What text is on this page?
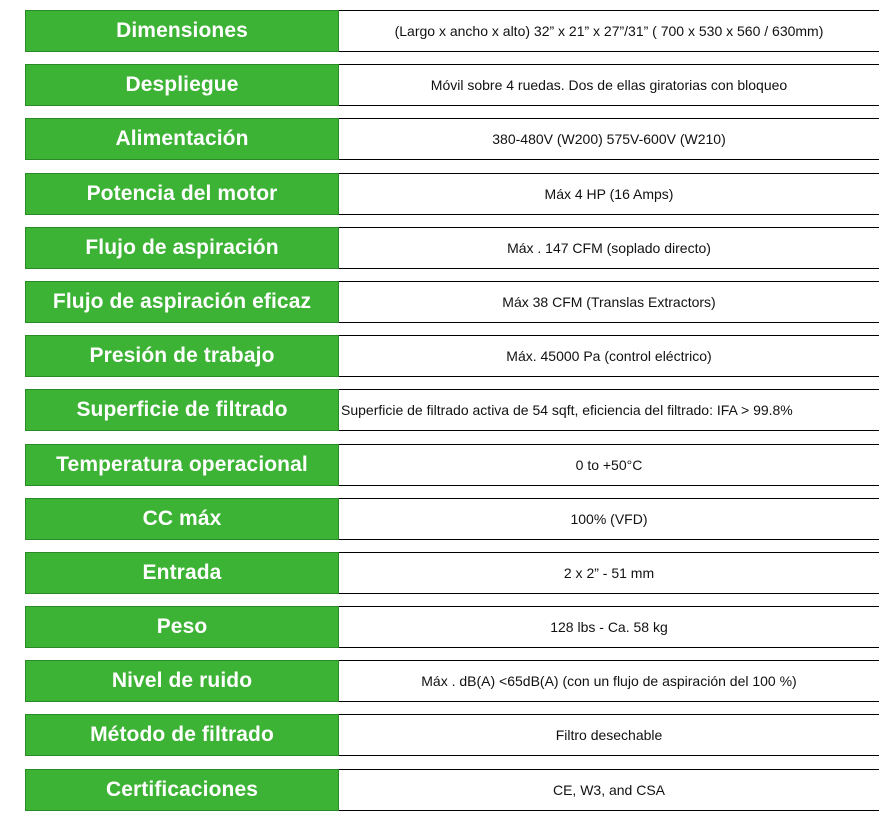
Dimensiones	(Largo x ancho x alto) 32” x 21” x 27”/31” ( 700 x 530 x 560 / 630mm)
Despliegue	Móvil sobre 4 ruedas. Dos de ellas giratorias con bloqueo
Alimentación	380-480V (W200) 575V-600V (W210)
Potencia del motor	Máx 4 HP (16 Amps)
Flujo de aspiración	Máx . 147 CFM (soplado directo)
Flujo de aspiración eficaz	Máx 38 CFM (Translas Extractors)
Presión de trabajo	Máx. 45000 Pa (control eléctrico)
Superficie de filtrado	Superficie de filtrado activa de 54 sqft, eficiencia del filtrado: IFA > 99.8%
Temperatura operacional	0 to +50°C
CC máx	100% (VFD)
Entrada	2 x 2” - 51 mm
Peso	128 lbs - Ca. 58 kg
Nivel de ruido	Máx . dB(A) <65dB(A) (con un flujo de aspiración del 100 %)
Método de filtrado	Filtro desechable
Certificaciones	CE, W3, and CSA
